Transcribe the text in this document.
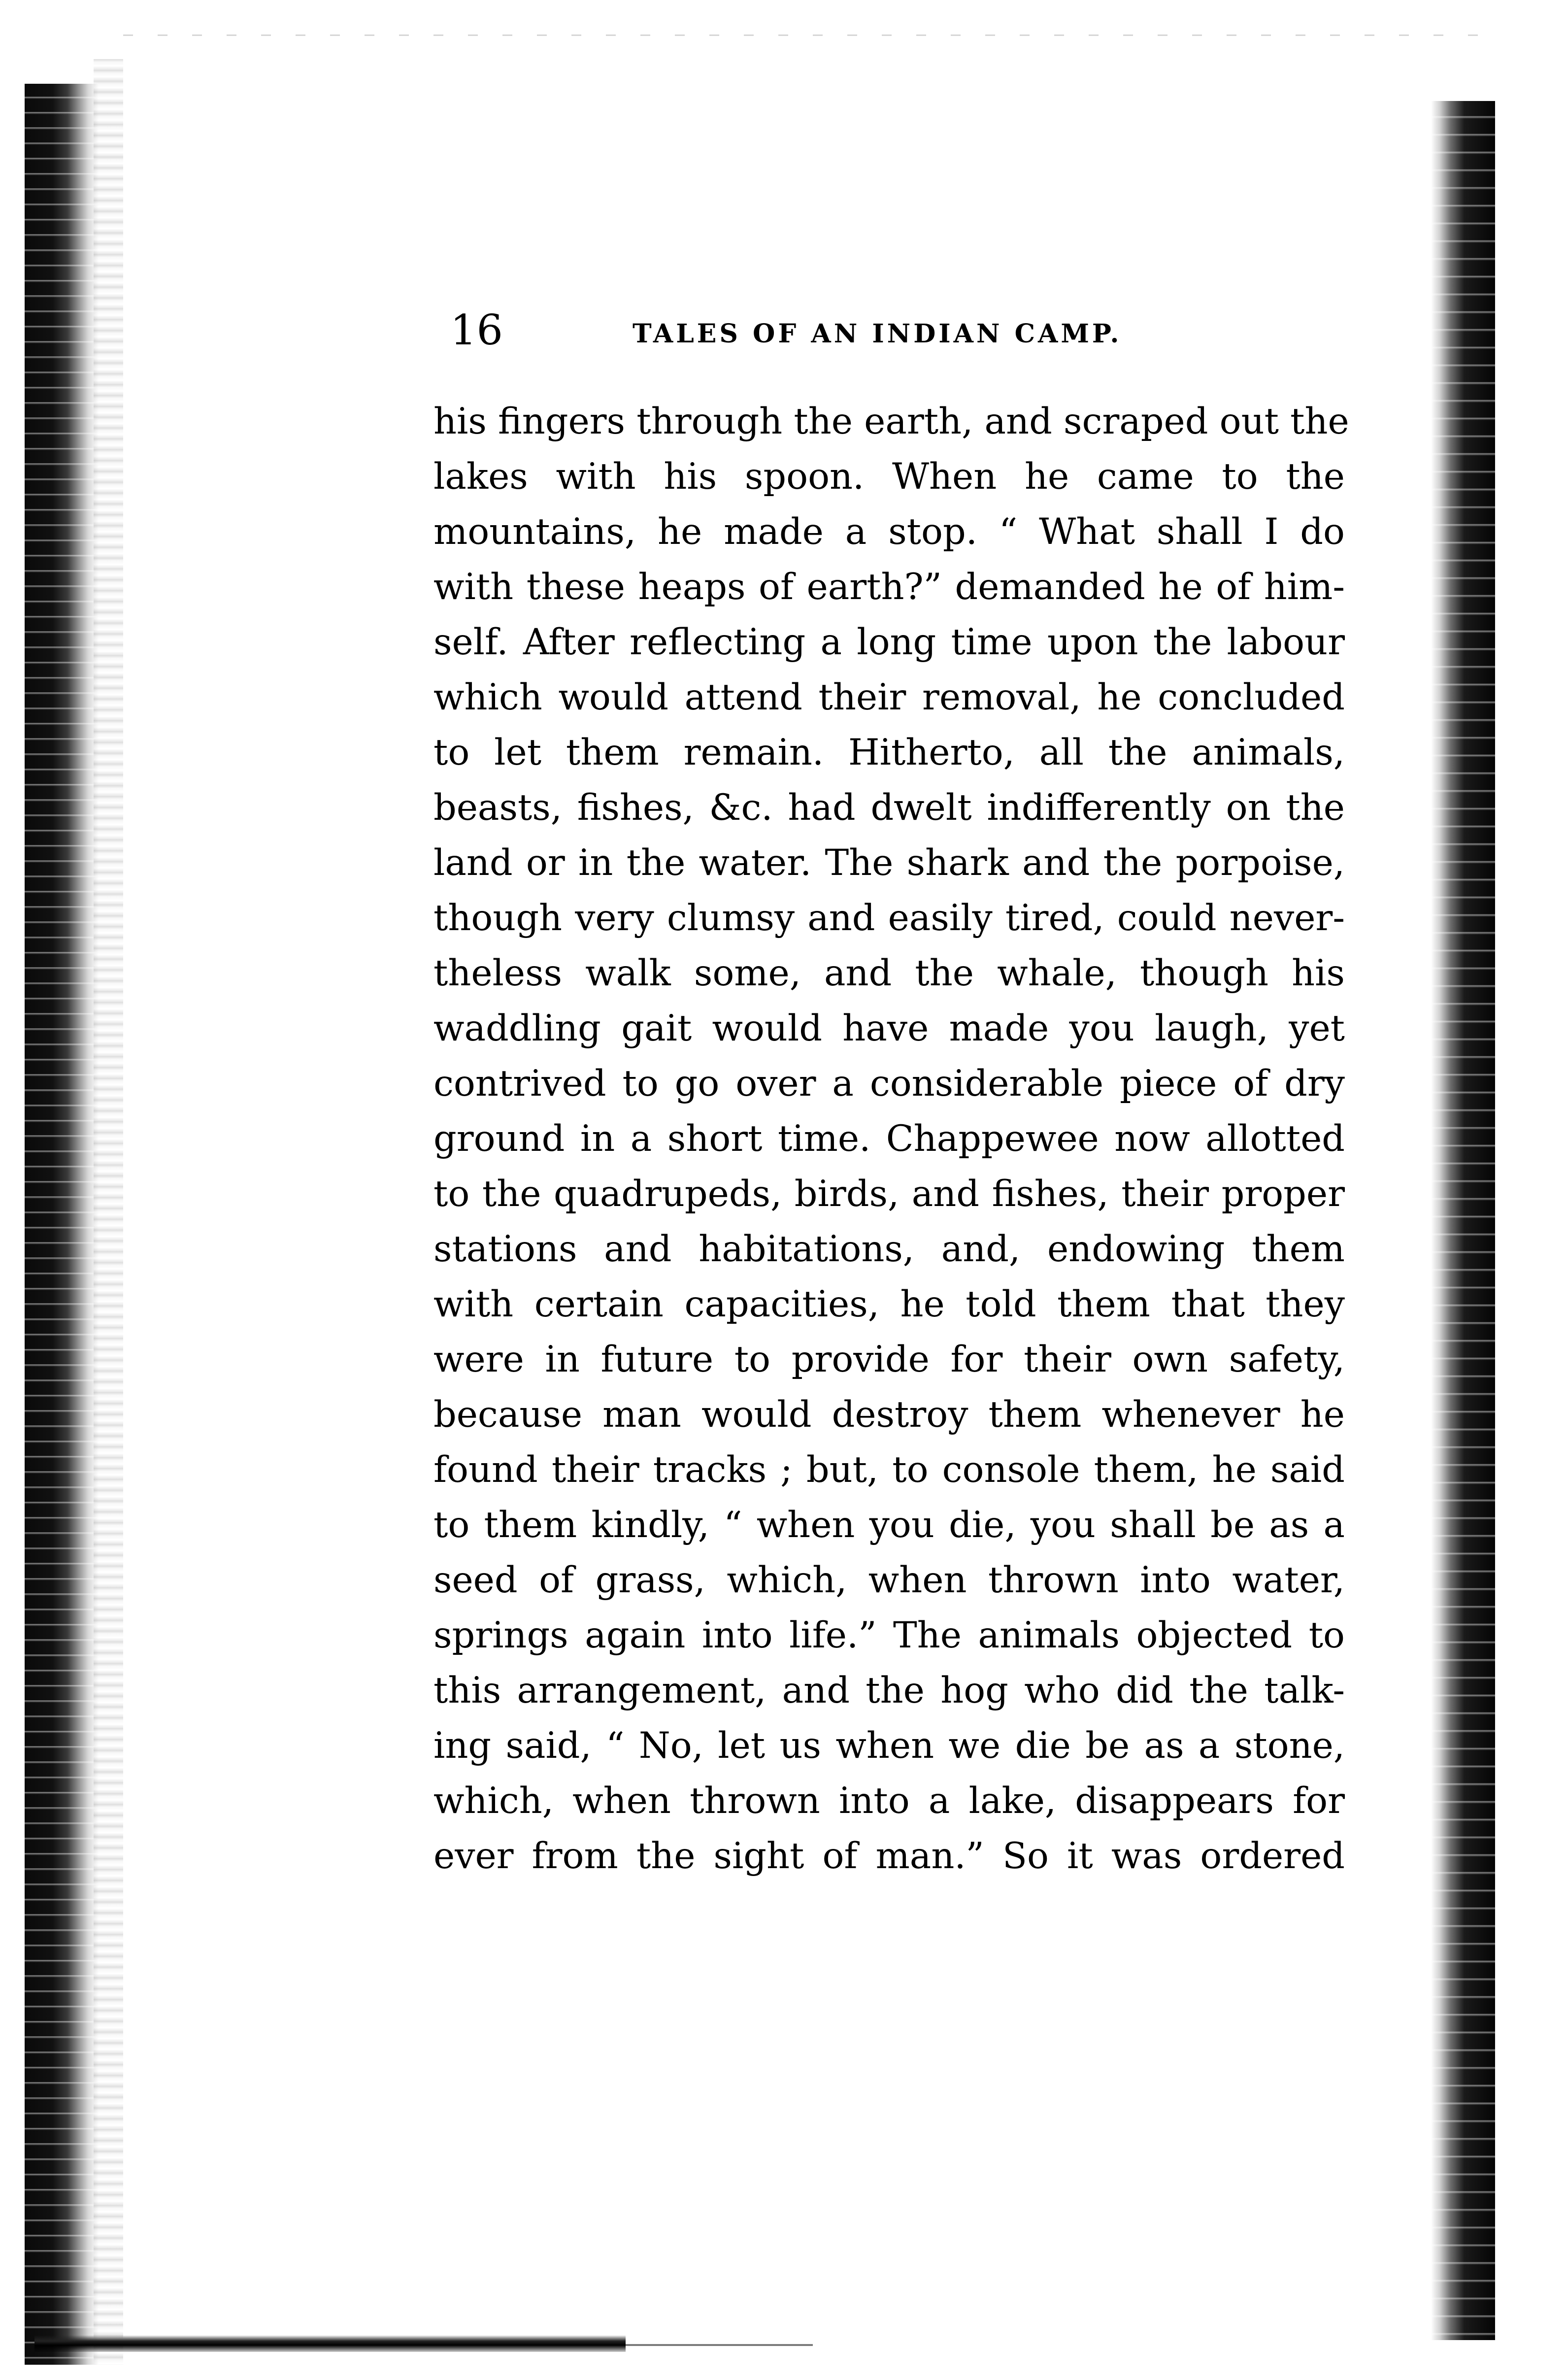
16	TALES OF AN INDIAN CAMP.
his fingers through the earth, and scraped out the
lakes with his spoon. When he came to the
mountains, he made a stop. “ What shall I do
with these heaps of earth?” demanded he of him-
self. After reflecting a long time upon the labour
which would attend their removal, he concluded
to let them remain. Hitherto, all the animals,
beasts, fishes, &c. had dwelt indifferently on the
land or in the water. The shark and the porpoise,
though very clumsy and easily tired, could never-
theless walk some, and the whale, though his
waddling gait would have made you laugh, yet
contrived to go over a considerable piece of dry
ground in a short time. Chappewee now allotted
to the quadrupeds, birds, and fishes, their proper
stations and habitations, and, endowing them
with certain capacities, he told them that they
were in future to provide for their own safety,
because man would destroy them whenever he
found their tracks ; but, to console them, he said
to them kindly, “ when you die, you shall be as a
seed of grass, which, when thrown into water,
springs again into life.” The animals objected to
this arrangement, and the hog who did the talk-
ing said, “ No, let us when we die be as a stone,
which, when thrown into a lake, disappears for
ever from the sight of man.” So it was ordered
